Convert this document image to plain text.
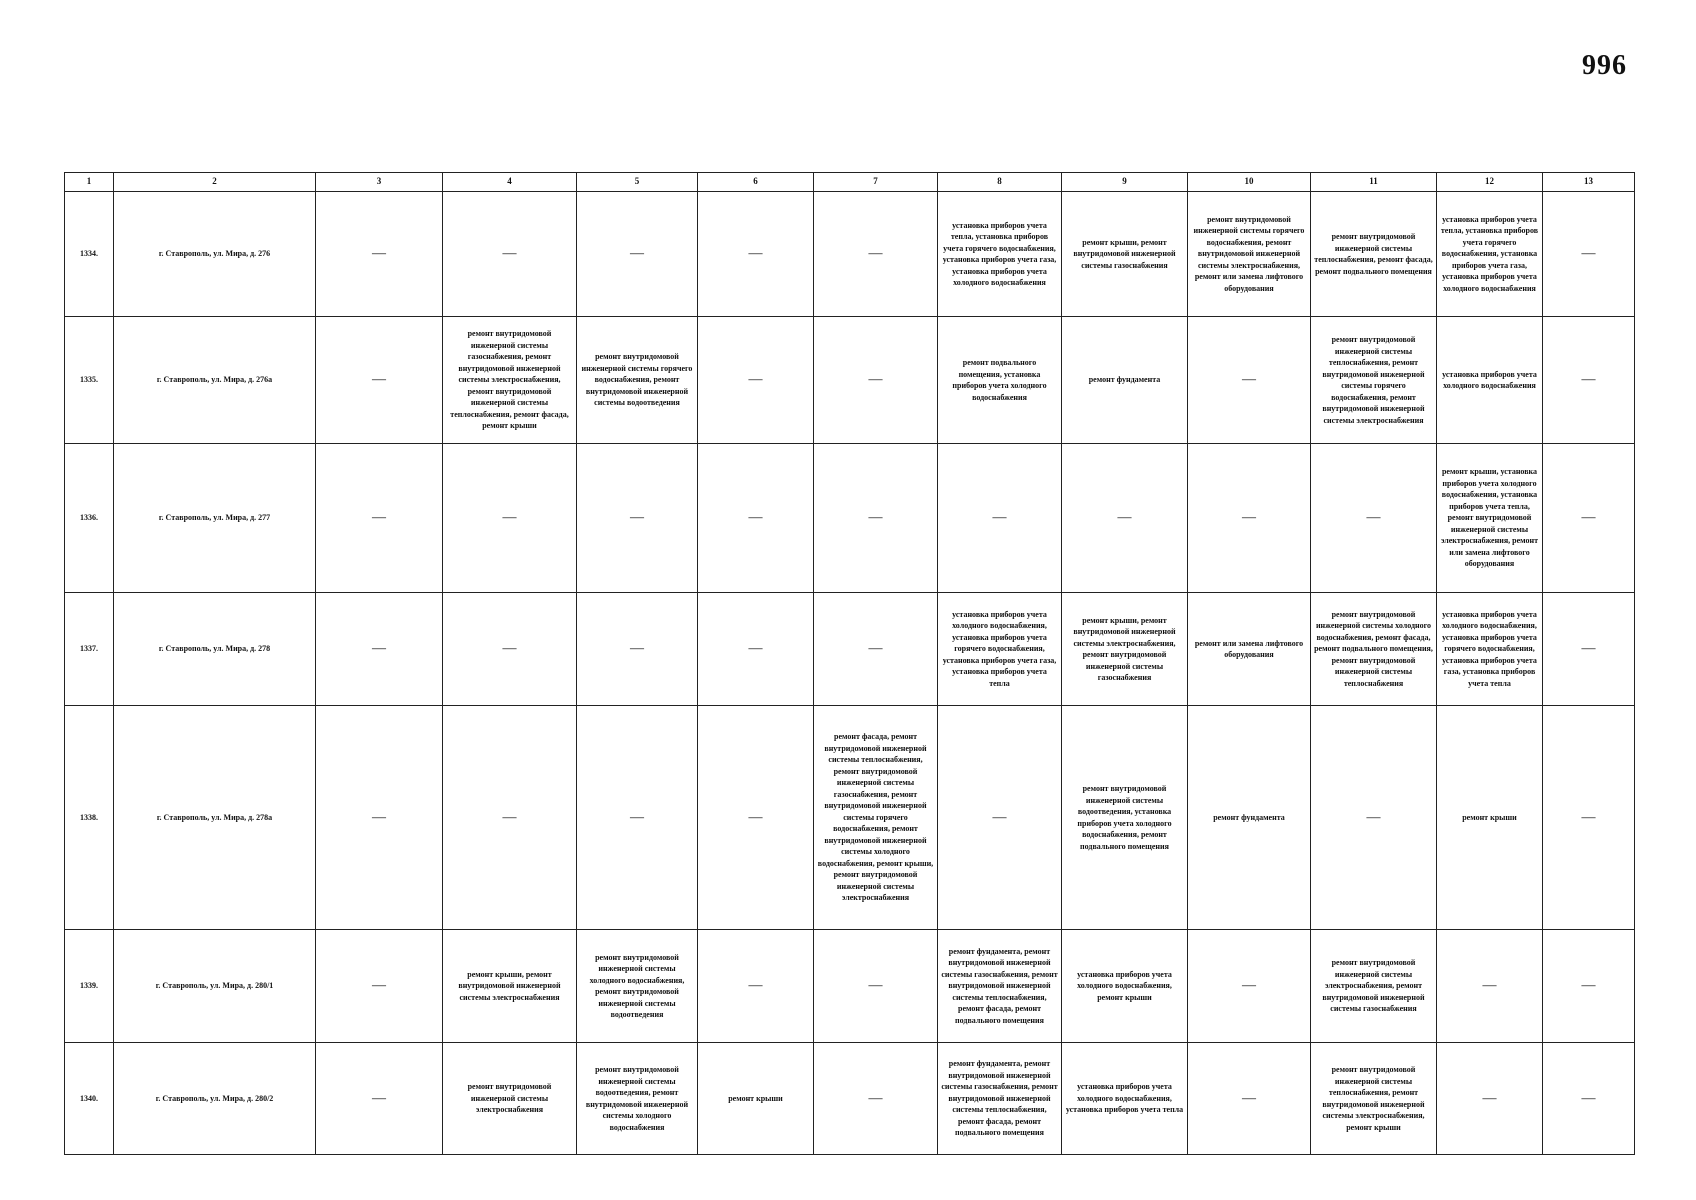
996
1	2	3	4	5	6	7	8	9	10	11	12	13
1334.	г. Ставрополь, ул. Мира, д. 276	—	—	—	—	—	установка приборов учета тепла, установка приборов учета горячего водоснабжения, установка приборов учета газа, установка приборов учета холодного водоснабжения	ремонт крыши, ремонт внутридомовой инженерной системы газоснабжения	ремонт внутридомовой инженерной системы горячего водоснабжения, ремонт внутридомовой инженерной системы электроснабжения, ремонт или замена лифтового оборудования	ремонт внутридомовой инженерной системы теплоснабжения, ремонт фасада, ремонт подвального помещения	установка приборов учета тепла, установка приборов учета горячего водоснабжения, установка приборов учета газа, установка приборов учета холодного водоснабжения	—
1335.	г. Ставрополь, ул. Мира, д. 276а	—	ремонт внутридомовой инженерной системы газоснабжения, ремонт внутридомовой инженерной системы электроснабжения, ремонт внутридомовой инженерной системы теплоснабжения, ремонт фасада, ремонт крыши	ремонт внутридомовой инженерной системы горячего водоснабжения, ремонт внутридомовой инженерной системы водоотведения	—	—	ремонт подвального помещения, установка приборов учета холодного водоснабжения	ремонт фундамента	—	ремонт внутридомовой инженерной системы теплоснабжения, ремонт внутридомовой инженерной системы горячего водоснабжения, ремонт внутридомовой инженерной системы электроснабжения	установка приборов учета холодного водоснабжения	—
1336.	г. Ставрополь, ул. Мира, д. 277	—	—	—	—	—	—	—	—	—	ремонт крыши, установка приборов учета холодного водоснабжения, установка приборов учета тепла, ремонт внутридомовой инженерной системы электроснабжения, ремонт или замена лифтового оборудования	—
1337.	г. Ставрополь, ул. Мира, д. 278	—	—	—	—	—	установка приборов учета холодного водоснабжения, установка приборов учета горячего водоснабжения, установка приборов учета газа, установка приборов учета тепла	ремонт крыши, ремонт внутридомовой инженерной системы электроснабжения, ремонт внутридомовой инженерной системы газоснабжения	ремонт или замена лифтового оборудования	ремонт внутридомовой инженерной системы холодного водоснабжения, ремонт фасада, ремонт подвального помещения, ремонт внутридомовой инженерной системы теплоснабжения	установка приборов учета холодного водоснабжения, установка приборов учета горячего водоснабжения, установка приборов учета газа, установка приборов учета тепла	—
1338.	г. Ставрополь, ул. Мира, д. 278а	—	—	—	—	ремонт фасада, ремонт внутридомовой инженерной системы теплоснабжения, ремонт внутридомовой инженерной системы газоснабжения, ремонт внутридомовой инженерной системы горячего водоснабжения, ремонт внутридомовой инженерной системы холодного водоснабжения, ремонт крыши, ремонт внутридомовой инженерной системы электроснабжения	—	ремонт внутридомовой инженерной системы водоотведения, установка приборов учета холодного водоснабжения, ремонт подвального помещения	ремонт фундамента	—	ремонт крыши	—
1339.	г. Ставрополь, ул. Мира, д. 280/1	—	ремонт крыши, ремонт внутридомовой инженерной системы электроснабжения	ремонт внутридомовой инженерной системы холодного водоснабжения, ремонт внутридомовой инженерной системы водоотведения	—	—	ремонт фундамента, ремонт внутридомовой инженерной системы газоснабжения, ремонт внутридомовой инженерной системы теплоснабжения, ремонт фасада, ремонт подвального помещения	установка приборов учета холодного водоснабжения, ремонт крыши	—	ремонт внутридомовой инженерной системы электроснабжения, ремонт внутридомовой инженерной системы газоснабжения	—	—
1340.	г. Ставрополь, ул. Мира, д. 280/2	—	ремонт внутридомовой инженерной системы электроснабжения	ремонт внутридомовой инженерной системы водоотведения, ремонт внутридомовой инженерной системы холодного водоснабжения	ремонт крыши	—	ремонт фундамента, ремонт внутридомовой инженерной системы газоснабжения, ремонт внутридомовой инженерной системы теплоснабжения, ремонт фасада, ремонт подвального помещения	установка приборов учета холодного водоснабжения, установка приборов учета тепла	—	ремонт внутридомовой инженерной системы теплоснабжения, ремонт внутридомовой инженерной системы электроснабжения, ремонт крыши	—	—
